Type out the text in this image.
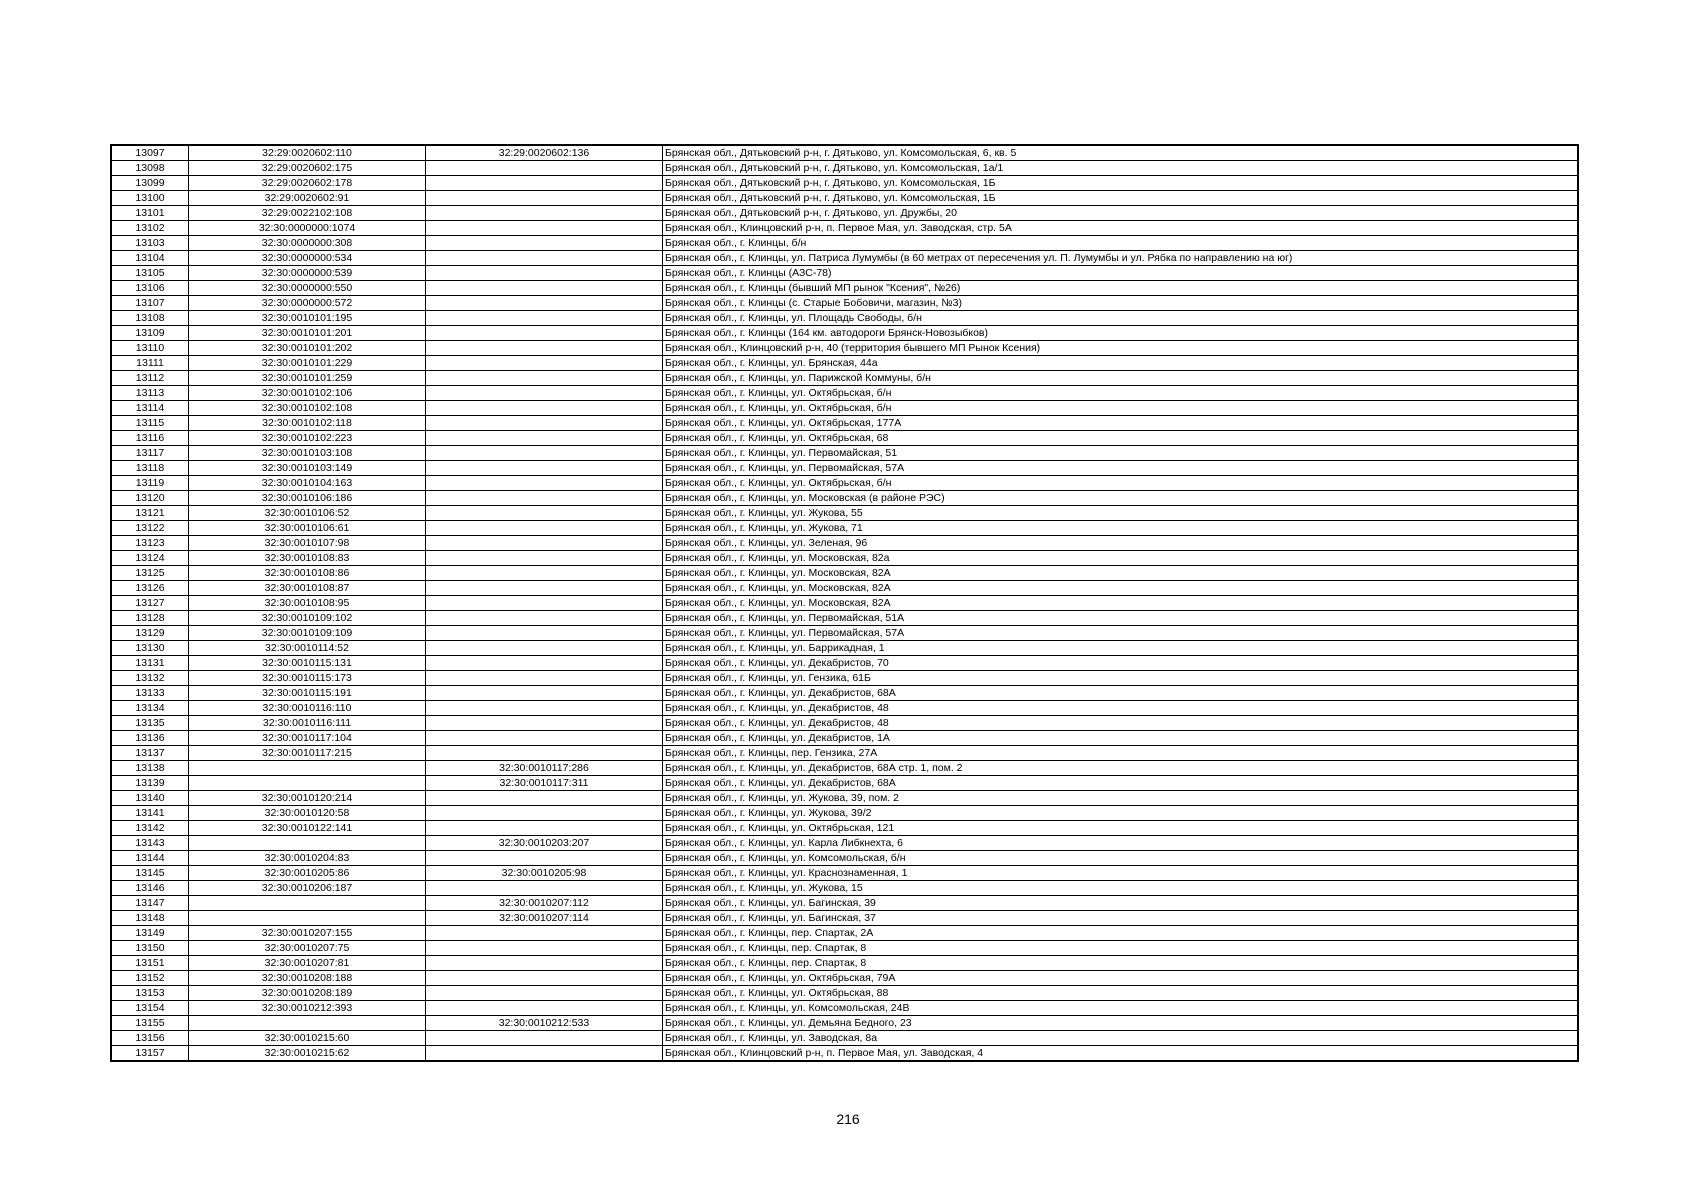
13097	32:29:0020602:110	32:29:0020602:136	Брянская обл., Дятьковский р-н, г. Дятьково, ул. Комсомольская, 6, кв. 5
13098	32:29:0020602:175		Брянская обл., Дятьковский р-н, г. Дятьково, ул. Комсомольская, 1а/1
13099	32:29:0020602:178		Брянская обл., Дятьковский р-н, г. Дятьково, ул. Комсомольская, 1Б
13100	32:29:0020602:91		Брянская обл., Дятьковский р-н, г. Дятьково, ул. Комсомольская, 1Б
13101	32:29:0022102:108		Брянская обл., Дятьковский р-н, г. Дятьково, ул. Дружбы, 20
13102	32:30:0000000:1074		Брянская обл., Клинцовский р-н, п. Первое Мая, ул. Заводская, стр. 5А
13103	32:30:0000000:308		Брянская обл., г. Клинцы, б/н
13104	32:30:0000000:534		Брянская обл., г. Клинцы, ул. Патриса Лумумбы (в 60 метрах от пересечения ул. П. Лумумбы и ул. Рябка по направлению на юг)
13105	32:30:0000000:539		Брянская обл., г. Клинцы (АЗС-78)
13106	32:30:0000000:550		Брянская обл., г. Клинцы (бывший МП рынок "Ксения", №26)
13107	32:30:0000000:572		Брянская обл., г. Клинцы (с. Старые Бобовичи, магазин, №3)
13108	32:30:0010101:195		Брянская обл., г. Клинцы, ул. Площадь Свободы, б/н
13109	32:30:0010101:201		Брянская обл., г. Клинцы (164 км. автодороги Брянск-Новозыбков)
13110	32:30:0010101:202		Брянская обл., Клинцовский р-н, 40 (территория бывшего МП Рынок Ксения)
13111	32:30:0010101:229		Брянская обл., г. Клинцы, ул. Брянская, 44а
13112	32:30:0010101:259		Брянская обл., г. Клинцы, ул. Парижской Коммуны, б/н
13113	32:30:0010102:106		Брянская обл., г. Клинцы, ул. Октябрьская, б/н
13114	32:30:0010102:108		Брянская обл., г. Клинцы, ул. Октябрьская, б/н
13115	32:30:0010102:118		Брянская обл., г. Клинцы, ул. Октябрьская, 177А
13116	32:30:0010102:223		Брянская обл., г. Клинцы, ул. Октябрьская, 68
13117	32:30:0010103:108		Брянская обл., г. Клинцы, ул. Первомайская, 51
13118	32:30:0010103:149		Брянская обл., г. Клинцы, ул. Первомайская, 57А
13119	32:30:0010104:163		Брянская обл., г. Клинцы, ул. Октябрьская, б/н
13120	32:30:0010106:186		Брянская обл., г. Клинцы, ул. Московская (в районе РЭС)
13121	32:30:0010106:52		Брянская обл., г. Клинцы, ул. Жукова, 55
13122	32:30:0010106:61		Брянская обл., г. Клинцы, ул. Жукова, 71
13123	32:30:0010107:98		Брянская обл., г. Клинцы, ул. Зеленая, 96
13124	32:30:0010108:83		Брянская обл., г. Клинцы, ул. Московская, 82а
13125	32:30:0010108:86		Брянская обл., г. Клинцы, ул. Московская, 82А
13126	32:30:0010108:87		Брянская обл., г. Клинцы, ул. Московская, 82А
13127	32:30:0010108:95		Брянская обл., г. Клинцы, ул. Московская, 82А
13128	32:30:0010109:102		Брянская обл., г. Клинцы, ул. Первомайская, 51А
13129	32:30:0010109:109		Брянская обл., г. Клинцы, ул. Первомайская, 57А
13130	32:30:0010114:52		Брянская обл., г. Клинцы, ул. Баррикадная, 1
13131	32:30:0010115:131		Брянская обл., г. Клинцы, ул. Декабристов, 70
13132	32:30:0010115:173		Брянская обл., г. Клинцы, ул. Гензика, 61Б
13133	32:30:0010115:191		Брянская обл., г. Клинцы, ул. Декабристов, 68А
13134	32:30:0010116:110		Брянская обл., г. Клинцы, ул. Декабристов, 48
13135	32:30:0010116:111		Брянская обл., г. Клинцы, ул. Декабристов, 48
13136	32:30:0010117:104		Брянская обл., г. Клинцы, ул. Декабристов, 1А
13137	32:30:0010117:215		Брянская обл., г. Клинцы, пер. Гензика, 27А
13138		32:30:0010117:286	Брянская обл., г. Клинцы, ул. Декабристов, 68А стр. 1, пом. 2
13139		32:30:0010117:311	Брянская обл., г. Клинцы, ул. Декабристов, 68А
13140	32:30:0010120:214		Брянская обл., г. Клинцы, ул. Жукова, 39, пом. 2
13141	32:30:0010120:58		Брянская обл., г. Клинцы, ул. Жукова, 39/2
13142	32:30:0010122:141		Брянская обл., г. Клинцы, ул. Октябрьская, 121
13143		32:30:0010203:207	Брянская обл., г. Клинцы, ул. Карла Либкнехта, 6
13144	32:30:0010204:83		Брянская обл., г. Клинцы, ул. Комсомольская, б/н
13145	32:30:0010205:86	32:30:0010205:98	Брянская обл., г. Клинцы, ул. Краснознаменная, 1
13146	32:30:0010206:187		Брянская обл., г. Клинцы, ул. Жукова, 15
13147		32:30:0010207:112	Брянская обл., г. Клинцы, ул. Багинская, 39
13148		32:30:0010207:114	Брянская обл., г. Клинцы, ул. Багинская, 37
13149	32:30:0010207:155		Брянская обл., г. Клинцы, пер. Спартак, 2А
13150	32:30:0010207:75		Брянская обл., г. Клинцы, пер. Спартак, 8
13151	32:30:0010207:81		Брянская обл., г. Клинцы, пер. Спартак, 8
13152	32:30:0010208:188		Брянская обл., г. Клинцы, ул. Октябрьская, 79А
13153	32:30:0010208:189		Брянская обл., г. Клинцы, ул. Октябрьская, 88
13154	32:30:0010212:393		Брянская обл., г. Клинцы, ул. Комсомольская, 24В
13155		32:30:0010212:533	Брянская обл., г. Клинцы, ул. Демьяна Бедного, 23
13156	32:30:0010215:60		Брянская обл., г. Клинцы, ул. Заводская, 8а
13157	32:30:0010215:62		Брянская обл., Клинцовский р-н, п. Первое Мая, ул. Заводская, 4
216
